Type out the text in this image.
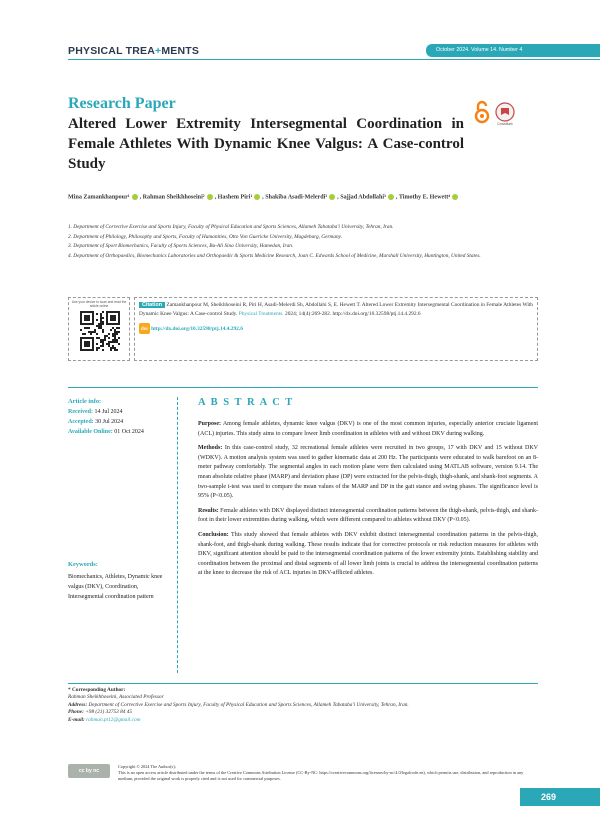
PHYSICAL TREA+MENTS	October 2024. Volume 14. Number 4
Research Paper
Altered Lower Extremity Intersegmental Coordination in Female Athletes With Dynamic Knee Valgus: A Case-control Study
CrossMark
Mina Zamankhanpour¹ , Rahman Sheikhhoseini² , Hashem Piri¹ , Shakiba Asadi-Melerdi³ , Sajjad Abdollahi³ , Timothy E. Hewett⁴
1. Department of Corrective Exercise and Sports Injury, Faculty of Physical Education and Sports Sciences, Allameh Tabataba'i University, Tehran, Iran.
2. Department of Philology, Philosophy and Sports, Faculty of Humanities, Otto Von Guericke University, Magdeburg, Germany.
3. Department of Sport Biomechanics, Faculty of Sports Sciences, Bu-Ali Sina University, Hamedan, Iran.
4. Department of Orthopaedics, Biomechanics Laboratories and Orthopaedic & Sports Medicine Research, Joan C. Edwards School of Medicine, Marshall University, Huntington, United States.
Use your device to scan and read the article online	Citation Zamankhanpour M, Sheikhhoseini R, Piri H, Asadi-Melerdi Sh, Abdollahi S, E. Hewett T. Altered Lower Extremity Intersegmental Coordination in Female Athletes With Dynamic Knee Valgus: A Case-control Study. Physical Treatments. 2024; 14(4):269-282. http://dx.doi.org/10.32598/ptj.14.4.292.6
doi http://dx.doi.org/10.32598/ptj.14.4.292.6
Article info:
Received: 14 Jul 2024
Accepted: 30 Jul 2024
Available Online: 01 Oct 2024
Keywords:
Biomechanics, Athletes, Dynamic knee valgus (DKV), Coordination, Intersegmental coordination pattern
A B S T R A C T

Purpose: Among female athletes, dynamic knee valgus (DKV) is one of the most common injuries, especially anterior cruciate ligament (ACL) injuries. This study aims to compare lower limb coordination in athletes with and without DKV during walking.

Methods: In this case-control study, 32 recreational female athletes were recruited in two groups, 17 with DKV and 15 without DKV (WDKV). A motion analysis system was used to gather kinematic data at 200 Hz. The participants were educated to walk barefoot on an 8-meter pathway comfortably. The segmental angles in each motion plane were then calculated using MATLAB software, version 9.14. The mean absolute relative phase (MARP) and deviation phase (DP) were extracted for the pelvis-thigh, thigh-shank, and shank-foot segments. A two-sample t-test was used to compare the mean values of the MARP and DP in the gait stance and swing phases. The significance level is 95% (P<0.05).

Results: Female athletes with DKV displayed distinct intersegmental coordination patterns between the thigh-shank, pelvis-thigh, and shank-foot in their lower extremities during walking, which were different compared to athletes without DKV (P<0.05).

Conclusion: This study showed that female athletes with DKV exhibit distinct intersegmental coordination patterns in the pelvis-thigh, shank-foot, and thigh-shank during walking. These results indicate that for corrective protocols or risk reduction measures for athletes with DKV, significant attention should be paid to the intersegmental coordination patterns of the lower extremity joints. Establishing stability and coordination between the proximal and distal segments of all lower limb joints is crucial to address the intersegmental coordination patterns at the knee to decrease the risk of ACL injuries in DKV-afflicted athletes.

* Corresponding Author:
Rahman Sheikhhoseini, Associated Professor
Address: Department of Corrective Exercise and Sports Injury, Faculty of Physical Education and Sports Sciences, Allameh Tabataba'i University, Tehran, Iran.
Phone: +98 (21) 32753 84 45
E-mail: rahman.pt12@gmail.com
cc by nc
Copyright © 2024 The Author(s);
This is an open access article distributed under the terms of the Creative Commons Attribution License (CC-By-NC: https://creativecommons.org/licenses/by-nc/4.0/legalcode.en), which permits use, distribution, and reproduction in any medium, provided the original work is properly cited and is not used for commercial purposes.
269
